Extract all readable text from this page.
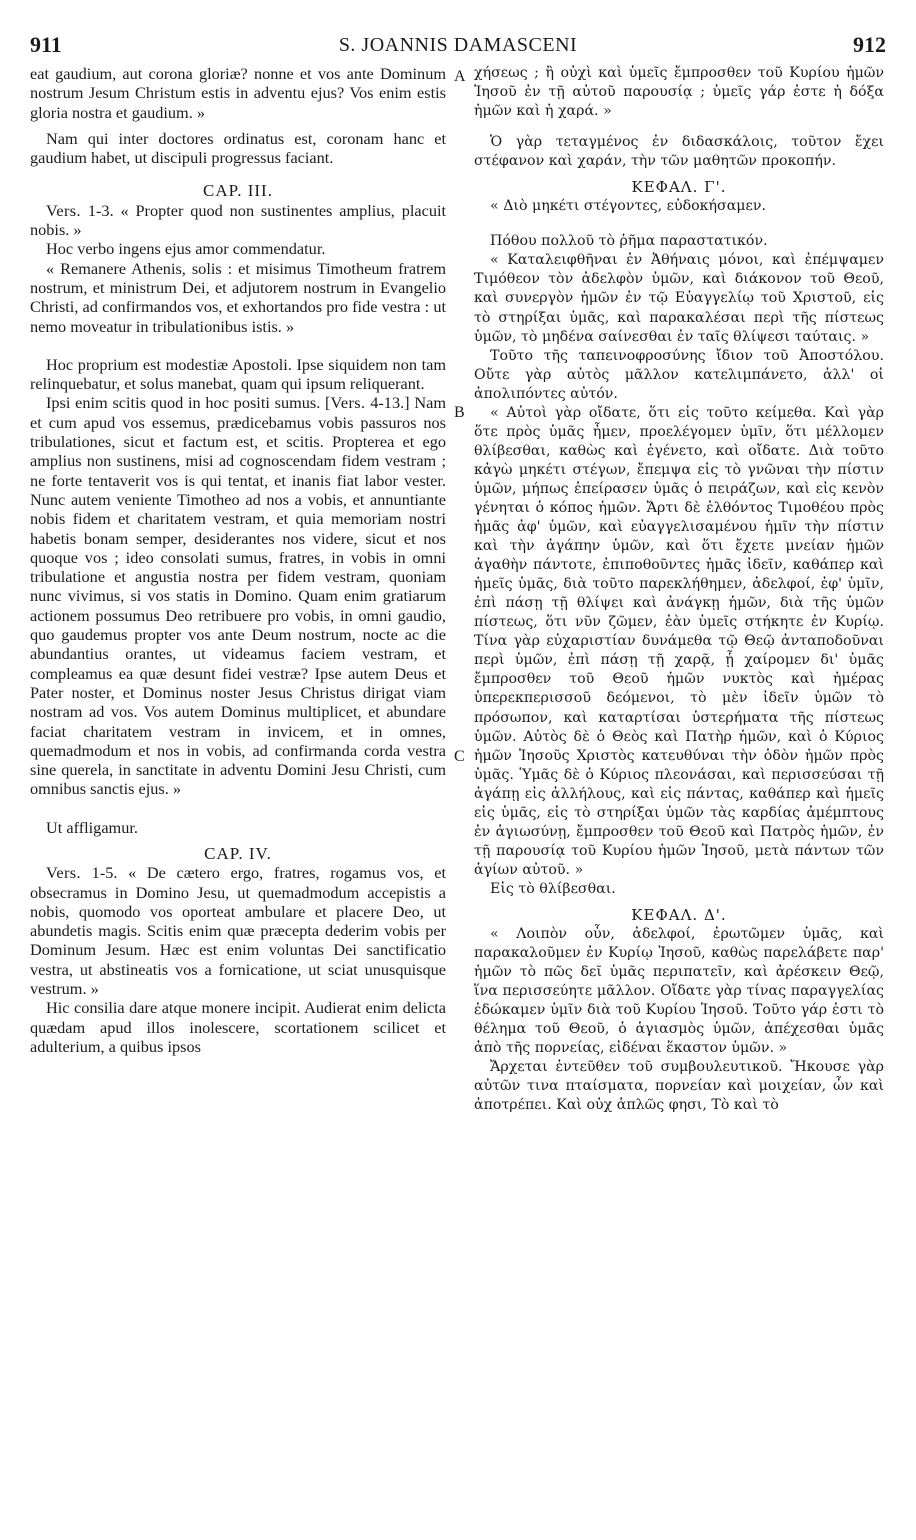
911	S. JOANNIS DAMASCENI	912
A
B
C

eat gaudium, aut corona gloriæ? nonne et vos ante Dominum nostrum Jesum Christum estis in adventu ejus? Vos enim estis gloria nostra et gaudium. »

Nam qui inter doctores ordinatus est, coronam hanc et gaudium habet, ut discipuli progressus faciant.

CAP. III.

Vers. 1-3. « Propter quod non sustinentes amplius, placuit nobis. »

Hoc verbo ingens ejus amor commendatur.

« Remanere Athenis, solis : et misimus Timotheum fratrem nostrum, et ministrum Dei, et adjutorem nostrum in Evangelio Christi, ad confirmandos vos, et exhortandos pro fide vestra : ut nemo moveatur in tribulationibus istis. »

Hoc proprium est modestiæ Apostoli. Ipse siquidem non tam relinquebatur, et solus manebat, quam qui ipsum reliquerant.

Ipsi enim scitis quod in hoc positi sumus. [Vers. 4-13.] Nam et cum apud vos essemus, prædicebamus vobis passuros nos tribulationes, sicut et factum est, et scitis. Propterea et ego amplius non sustinens, misi ad cognoscendam fidem vestram ; ne forte tentaverit vos is qui tentat, et inanis fiat labor vester. Nunc autem veniente Timotheo ad nos a vobis, et annuntiante nobis fidem et charitatem vestram, et quia memoriam nostri habetis bonam semper, desiderantes nos videre, sicut et nos quoque vos ; ideo consolati sumus, fratres, in vobis in omni tribulatione et angustia nostra per fidem vestram, quoniam nunc vivimus, si vos statis in Domino. Quam enim gratiarum actionem possumus Deo retribuere pro vobis, in omni gaudio, quo gaudemus propter vos ante Deum nostrum, nocte ac die abundantius orantes, ut videamus faciem vestram, et compleamus ea quæ desunt fidei vestræ? Ipse autem Deus et Pater noster, et Dominus noster Jesus Christus dirigat viam nostram ad vos. Vos autem Dominus multiplicet, et abundare faciat charitatem vestram in invicem, et in omnes, quemadmodum et nos in vobis, ad confirmanda corda vestra sine querela, in sanctitate in adventu Domini Jesu Christi, cum omnibus sanctis ejus. »

Ut affligamur.

CAP. IV.

Vers. 1-5. « De cætero ergo, fratres, rogamus vos, et obsecramus in Domino Jesu, ut quemadmodum accepistis a nobis, quomodo vos oporteat ambulare et placere Deo, ut abundetis magis. Scitis enim quæ præcepta dederim vobis per Dominum Jesum. Hæc est enim voluntas Dei sanctificatio vestra, ut abstineatis vos a fornicatione, ut sciat unusquisque vestrum. »

Hic consilia dare atque monere incipit. Audierat enim delicta quædam apud illos inolescere, scortationem scilicet et adulterium, a quibus ipsos

χήσεως ; ἢ οὐχὶ καὶ ὑμεῖς ἔμπροσθεν τοῦ Κυρίου ἡμῶν Ἰησοῦ ἐν τῇ αὐτοῦ παρουσίᾳ ; ὑμεῖς γάρ ἐστε ἡ δόξα ἡμῶν καὶ ἡ χαρά. »

Ὁ γὰρ τεταγμένος ἐν διδασκάλοις, τοῦτον ἔχει στέφανον καὶ χαράν, τὴν τῶν μαθητῶν προκοπήν.

ΚΕΦΑΛ. Γ'.

« Διὸ μηκέτι στέγοντες, εὐδοκήσαμεν.

Πόθου πολλοῦ τὸ ῥῆμα παραστατικόν.

« Καταλειφθῆναι ἐν Ἀθήναις μόνοι, καὶ ἐπέμψαμεν Τιμόθεον τὸν ἀδελφὸν ὑμῶν, καὶ διάκονον τοῦ Θεοῦ, καὶ συνεργὸν ἡμῶν ἐν τῷ Εὐαγγελίῳ τοῦ Χριστοῦ, εἰς τὸ στηρίξαι ὑμᾶς, καὶ παρακαλέσαι περὶ τῆς πίστεως ὑμῶν, τὸ μηδένα σαίνεσθαι ἐν ταῖς θλίψεσι ταύταις. »

Τοῦτο τῆς ταπεινοφροσύνης ἴδιον τοῦ Ἀποστόλου. Οὔτε γὰρ αὐτὸς μᾶλλον κατελιμπάνετο, ἀλλ' οἱ ἀπολιπόντες αὐτόν.

« Αὐτοὶ γὰρ οἴδατε, ὅτι εἰς τοῦτο κείμεθα. Καὶ γὰρ ὅτε πρὸς ὑμᾶς ἦμεν, προελέγομεν ὑμῖν, ὅτι μέλλομεν θλίβεσθαι, καθὼς καὶ ἐγένετο, καὶ οἴδατε. Διὰ τοῦτο κἀγὼ μηκέτι στέγων, ἔπεμψα εἰς τὸ γνῶναι τὴν πίστιν ὑμῶν, μήπως ἐπείρασεν ὑμᾶς ὁ πειράζων, καὶ εἰς κενὸν γένηται ὁ κόπος ἡμῶν. Ἄρτι δὲ ἐλθόντος Τιμοθέου πρὸς ἡμᾶς ἀφ' ὑμῶν, καὶ εὐαγγελισαμένου ἡμῖν τὴν πίστιν καὶ τὴν ἀγάπην ὑμῶν, καὶ ὅτι ἔχετε μνείαν ἡμῶν ἀγαθὴν πάντοτε, ἐπιποθοῦντες ἡμᾶς ἰδεῖν, καθάπερ καὶ ἡμεῖς ὑμᾶς, διὰ τοῦτο παρεκλήθημεν, ἀδελφοί, ἐφ' ὑμῖν, ἐπὶ πάσῃ τῇ θλίψει καὶ ἀνάγκῃ ἡμῶν, διὰ τῆς ὑμῶν πίστεως, ὅτι νῦν ζῶμεν, ἐὰν ὑμεῖς στήκητε ἐν Κυρίῳ. Τίνα γὰρ εὐχαριστίαν δυνάμεθα τῷ Θεῷ ἀνταποδοῦναι περὶ ὑμῶν, ἐπὶ πάσῃ τῇ χαρᾷ, ᾗ χαίρομεν δι' ὑμᾶς ἔμπροσθεν τοῦ Θεοῦ ἡμῶν νυκτὸς καὶ ἡμέρας ὑπερεκπερισσοῦ δεόμενοι, τὸ μὲν ἰδεῖν ὑμῶν τὸ πρόσωπον, καὶ καταρτίσαι ὑστερήματα τῆς πίστεως ὑμῶν. Αὐτὸς δὲ ὁ Θεὸς καὶ Πατὴρ ἡμῶν, καὶ ὁ Κύριος ἡμῶν Ἰησοῦς Χριστὸς κατευθύναι τὴν ὁδὸν ἡμῶν πρὸς ὑμᾶς. Ὑμᾶς δὲ ὁ Κύριος πλεονάσαι, καὶ περισσεύσαι τῇ ἀγάπῃ εἰς ἀλλήλους, καὶ εἰς πάντας, καθάπερ καὶ ἡμεῖς εἰς ὑμᾶς, εἰς τὸ στηρίξαι ὑμῶν τὰς καρδίας ἀμέμπτους ἐν ἁγιωσύνῃ, ἔμπροσθεν τοῦ Θεοῦ καὶ Πατρὸς ἡμῶν, ἐν τῇ παρουσίᾳ τοῦ Κυρίου ἡμῶν Ἰησοῦ, μετὰ πάντων τῶν ἁγίων αὐτοῦ. »

Εἰς τὸ θλίβεσθαι.

ΚΕΦΑΛ. Δ'.

« Λοιπὸν οὖν, ἀδελφοί, ἐρωτῶμεν ὑμᾶς, καὶ παρακαλοῦμεν ἐν Κυρίῳ Ἰησοῦ, καθὼς παρελάβετε παρ' ἡμῶν τὸ πῶς δεῖ ὑμᾶς περιπατεῖν, καὶ ἀρέσκειν Θεῷ, ἵνα περισσεύητε μᾶλλον. Οἴδατε γὰρ τίνας παραγγελίας ἐδώκαμεν ὑμῖν διὰ τοῦ Κυρίου Ἰησοῦ. Τοῦτο γάρ ἐστι τὸ θέλημα τοῦ Θεοῦ, ὁ ἁγιασμὸς ὑμῶν, ἀπέχεσθαι ὑμᾶς ἀπὸ τῆς πορνείας, εἰδέναι ἕκαστον ὑμῶν. »

Ἄρχεται ἐντεῦθεν τοῦ συμβουλευτικοῦ. Ἤκουσε γὰρ αὐτῶν τινα πταίσματα, πορνείαν καὶ μοιχείαν, ὧν καὶ ἀποτρέπει. Καὶ οὐχ ἁπλῶς φησι, Τὸ καὶ τὸ
